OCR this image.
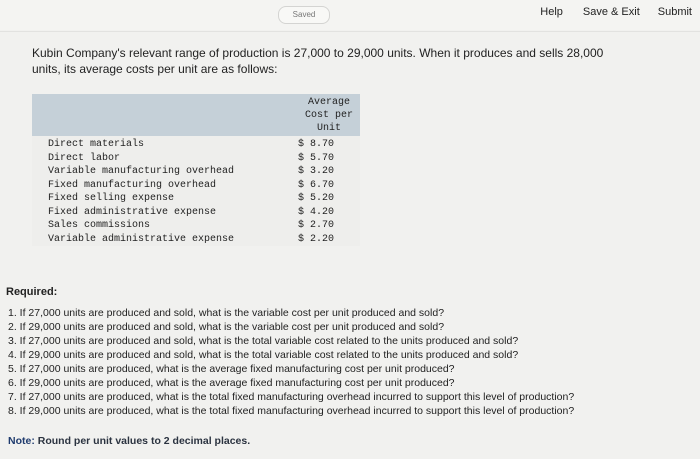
Saved	Help Save & Exit Submit
Kubin Company's relevant range of production is 27,000 to 29,000 units. When it produces and sells 28,000 units, its average costs per unit are as follows:
Average
Cost per
Unit
Direct materials	$ 8.70
Direct labor	$ 5.70
Variable manufacturing overhead	$ 3.20
Fixed manufacturing overhead	$ 6.70
Fixed selling expense	$ 5.20
Fixed administrative expense	$ 4.20
Sales commissions	$ 2.70
Variable administrative expense	$ 2.20
Required:
1. If 27,000 units are produced and sold, what is the variable cost per unit produced and sold?
2. If 29,000 units are produced and sold, what is the variable cost per unit produced and sold?
3. If 27,000 units are produced and sold, what is the total variable cost related to the units produced and sold?
4. If 29,000 units are produced and sold, what is the total variable cost related to the units produced and sold?
5. If 27,000 units are produced, what is the average fixed manufacturing cost per unit produced?
6. If 29,000 units are produced, what is the average fixed manufacturing cost per unit produced?
7. If 27,000 units are produced, what is the total fixed manufacturing overhead incurred to support this level of production?
8. If 29,000 units are produced, what is the total fixed manufacturing overhead incurred to support this level of production?
Note: Round per unit values to 2 decimal places.
